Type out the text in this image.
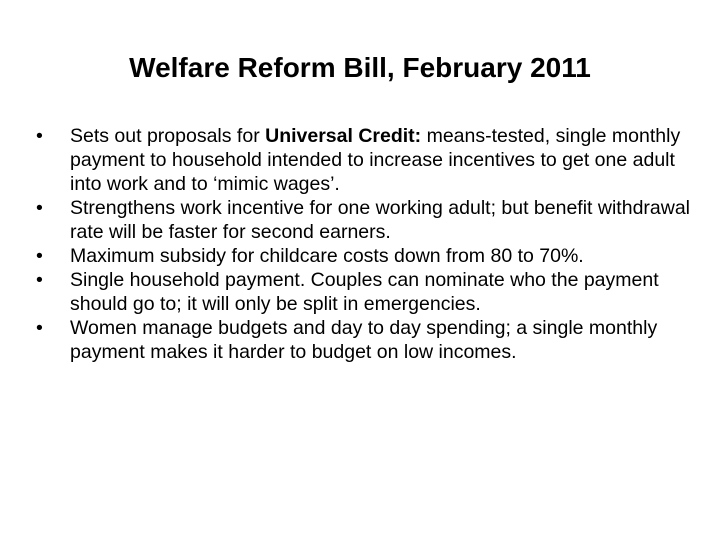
Welfare Reform Bill, February 2011
•	Sets out proposals for Universal Credit: means-tested, single monthly payment to household intended to increase incentives to get one adult into work and to ‘mimic wages’.
•	Strengthens work incentive for one working adult; but benefit withdrawal rate will be faster for second earners.
•	Maximum subsidy for childcare costs down from 80 to 70%.
•	Single household payment. Couples can nominate who the payment should go to; it will only be split in emergencies.
•	Women manage budgets and day to day spending; a single monthly payment makes it harder to budget on low incomes.
